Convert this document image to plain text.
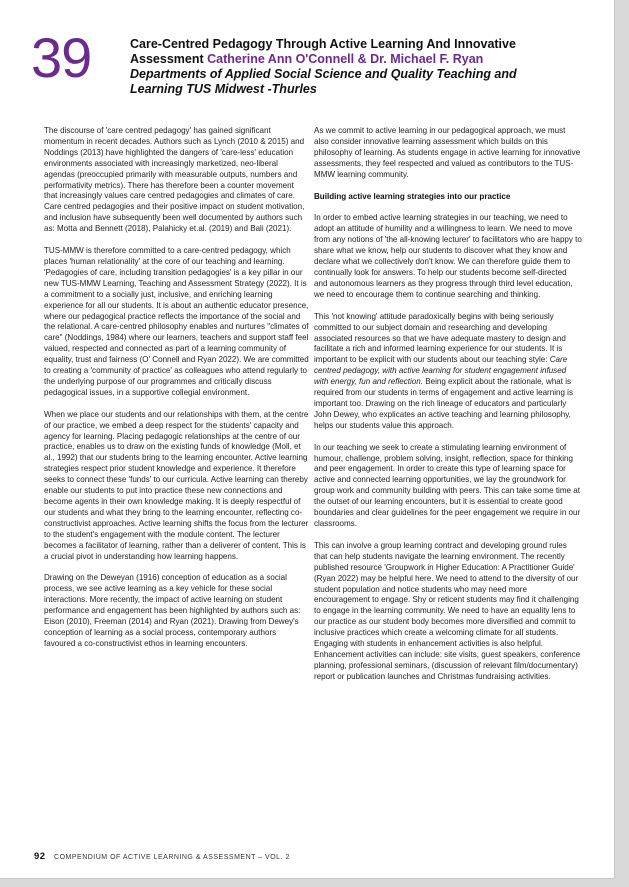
39	Care-Centred Pedagogy Through Active Learning And Innovative Assessment Catherine Ann O'Connell & Dr. Michael F. Ryan
Departments of Applied Social Science and Quality Teaching and Learning TUS Midwest -Thurles

The discourse of 'care centred pedagogy' has gained significant momentum in recent decades. Authors such as Lynch (2010 & 2015) and Noddings (2013) have highlighted the dangers of 'care-less' education environments associated with increasingly marketized, neo-liberal agendas (preoccupied primarily with measurable outputs, numbers and performativity metrics). There has therefore been a counter movement that increasingly values care centred pedagogies and climates of care. Care centred pedagogies and their positive impact on student motivation, and inclusion have subsequently been well documented by authors such as: Motta and Bennett (2018), Palahicky et.al. (2019) and Bali (2021).

TUS-MMW is therefore committed to a care-centred pedagogy, which places 'human relationality' at the core of our teaching and learning. 'Pedagogies of care, including transition pedagogies' is a key pillar in our new TUS-MMW Learning, Teaching and Assessment Strategy (2022). It is a commitment to a socially just, inclusive, and enriching learning experience for all our students. It is about an authentic educator presence, where our pedagogical practice reflects the importance of the social and the relational. A care-centred philosophy enables and nurtures "climates of care" (Noddings, 1984) where our learners, teachers and support staff feel valued, respected and connected as part of a learning community of equality, trust and fairness (O' Connell and Ryan 2022). We are committed to creating a 'community of practice' as colleagues who attend regularly to the underlying purpose of our programmes and critically discuss pedagogical issues, in a supportive collegial environment.

When we place our students and our relationships with them, at the centre of our practice, we embed a deep respect for the students' capacity and agency for learning. Placing pedagogic relationships at the centre of our practice, enables us to draw on the existing funds of knowledge (Moll, et al., 1992) that our students bring to the learning encounter. Active learning strategies respect prior student knowledge and experience. It therefore seeks to connect these 'funds' to our curricula. Active learning can thereby enable our students to put into practice these new connections and become agents in their own knowledge making. It is deeply respectful of our students and what they bring to the learning encounter, reflecting co-constructivist approaches. Active learning shifts the focus from the lecturer to the student's engagement with the module content. The lecturer becomes a facilitator of learning, rather than a deliverer of content. This is a crucial pivot in understanding how learning happens.

Drawing on the Deweyan (1916) conception of education as a social process, we see active learning as a key vehicle for these social interactions. More recently, the impact of active learning on student performance and engagement has been highlighted by authors such as: Eison (2010), Freeman (2014) and Ryan (2021). Drawing from Dewey's conception of learning as a social process, contemporary authors favoured a co-constructivist ethos in learning encounters.

As we commit to active learning in our pedagogical approach, we must also consider innovative learning assessment which builds on this philosophy of learning. As students engage in active learning for innovative assessments, they feel respected and valued as contributors to the TUS-MMW learning community.

Building active learning strategies into our practice

In order to embed active learning strategies in our teaching, we need to adopt an attitude of humility and a willingness to learn. We need to move from any notions of 'the all-knowing lecturer' to facilitators who are happy to share what we know, help our students to discover what they know and declare what we collectively don't know. We can therefore guide them to continually look for answers. To help our students become self-directed and autonomous learners as they progress through third level education, we need to encourage them to continue searching and thinking.

This 'not knowing' attitude paradoxically begins with being seriously committed to our subject domain and researching and developing associated resources so that we have adequate mastery to design and facilitate a rich and informed learning experience for our students. It is important to be explicit with our students about our teaching style: Care centred pedagogy, with active learning for student engagement infused with energy, fun and reflection. Being explicit about the rationale, what is required from our students in terms of engagement and active learning is important too. Drawing on the rich lineage of educators and particularly John Dewey, who explicates an active teaching and learning philosophy, helps our students value this approach.

In our teaching we seek to create a stimulating learning environment of humour, challenge, problem solving, insight, reflection, space for thinking and peer engagement. In order to create this type of learning space for active and connected learning opportunities, we lay the groundwork for group work and community building with peers. This can take some time at the outset of our learning encounters, but it is essential to create good boundaries and clear guidelines for the peer engagement we require in our classrooms.

This can involve a group learning contract and developing ground rules that can help students navigate the learning environment. The recently published resource 'Groupwork in Higher Education: A Practitioner Guide' (Ryan 2022) may be helpful here. We need to attend to the diversity of our student population and notice students who may need more encouragement to engage. Shy or reticent students may find it challenging to engage in the learning community. We need to have an equality lens to our practice as our student body becomes more diversified and commit to inclusive practices which create a welcoming climate for all students. Engaging with students in enhancement activities is also helpful. Enhancement activities can include: site visits, guest speakers, conference planning, professional seminars, (discussion of relevant film/documentary) report or publication launches and Christmas fundraising activities.

92 COMPENDIUM OF ACTIVE LEARNING & ASSESSMENT – VOL. 2
